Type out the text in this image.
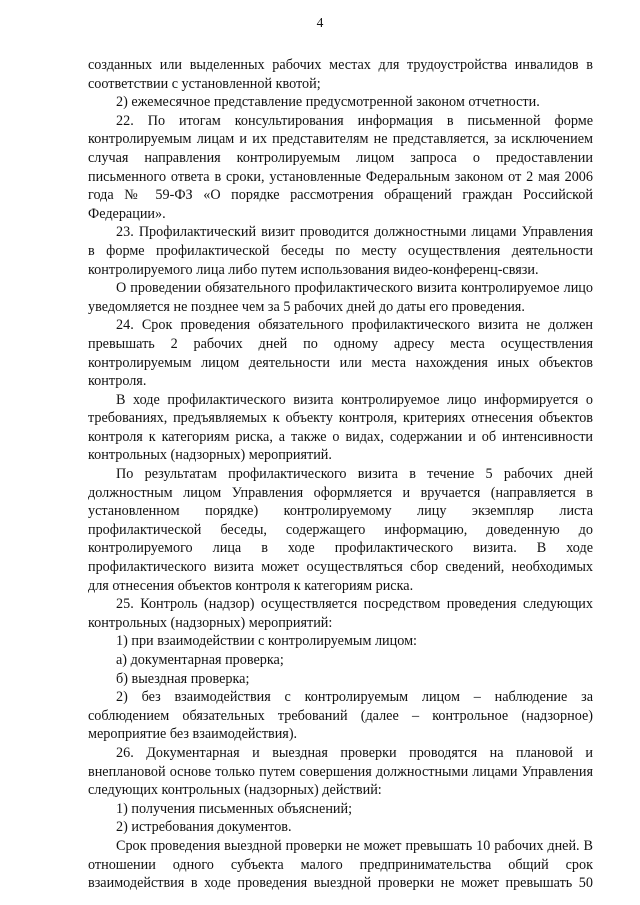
4

созданных или выделенных рабочих местах для трудоустройства инвалидов в соответствии с установленной квотой;

2) ежемесячное представление предусмотренной законом отчетности.

22. По итогам консультирования информация в письменной форме контролируемым лицам и их представителям не представляется, за исключением случая направления контролируемым лицом запроса о предоставлении письменного ответа в сроки, установленные Федеральным законом от 2 мая 2006 года № 59-ФЗ «О порядке рассмотрения обращений граждан Российской Федерации».

23. Профилактический визит проводится должностными лицами Управления в форме профилактической беседы по месту осуществления деятельности контролируемого лица либо путем использования видео-конференц-связи.

О проведении обязательного профилактического визита контролируемое лицо уведомляется не позднее чем за 5 рабочих дней до даты его проведения.

24. Срок проведения обязательного профилактического визита не должен превышать 2 рабочих дней по одному адресу места осуществления контролируемым лицом деятельности или места нахождения иных объектов контроля.

В ходе профилактического визита контролируемое лицо информируется о требованиях, предъявляемых к объекту контроля, критериях отнесения объектов контроля к категориям риска, а также о видах, содержании и об интенсивности контрольных (надзорных) мероприятий.

По результатам профилактического визита в течение 5 рабочих дней должностным лицом Управления оформляется и вручается (направляется в установленном порядке) контролируемому лицу экземпляр листа профилактической беседы, содержащего информацию, доведенную до контролируемого лица в ходе профилактического визита. В ходе профилактического визита может осуществляться сбор сведений, необходимых для отнесения объектов контроля к категориям риска.

25. Контроль (надзор) осуществляется посредством проведения следующих контрольных (надзорных) мероприятий:

1) при взаимодействии с контролируемым лицом:

а) документарная проверка;

б) выездная проверка;

2) без взаимодействия с контролируемым лицом – наблюдение за соблюдением обязательных требований (далее – контрольное (надзорное) мероприятие без взаимодействия).

26. Документарная и выездная проверки проводятся на плановой и внеплановой основе только путем совершения должностными лицами Управления следующих контрольных (надзорных) действий:

1) получения письменных объяснений;

2) истребования документов.

Срок проведения выездной проверки не может превышать 10 рабочих дней. В отношении одного субъекта малого предпринимательства общий срок взаимодействия в ходе проведения выездной проверки не может превышать 50
